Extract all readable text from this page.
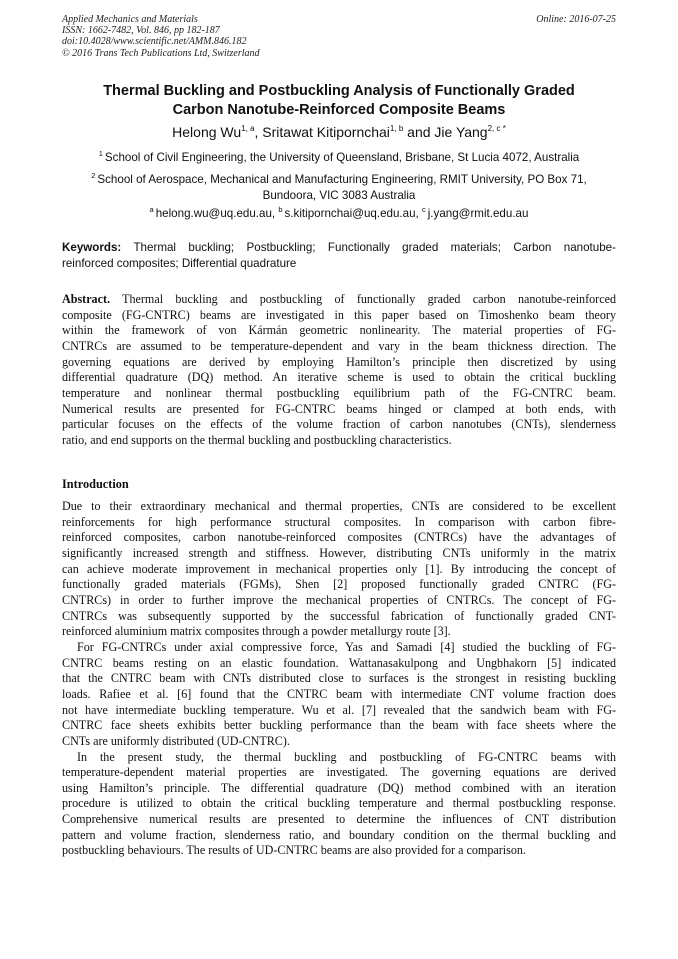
Applied Mechanics and Materials
ISSN: 1662-7482, Vol. 846, pp 182-187
doi:10.4028/www.scientific.net/AMM.846.182
© 2016 Trans Tech Publications Ltd, Switzerland
Online: 2016-07-25
Thermal Buckling and Postbuckling Analysis of Functionally Graded
Carbon Nanotube-Reinforced Composite Beams
Helong Wu$^{1, a}$, Sritawat Kitipornchai$^{1, b}$ and Jie Yang$^{2, c *}$
$^1$ School of Civil Engineering, the University of Queensland, Brisbane, St Lucia 4072, Australia
$^2$ School of Aerospace, Mechanical and Manufacturing Engineering, RMIT University, PO Box 71,
Bundoora, VIC 3083 Australia
$^a$ helong.wu@uq.edu.au, $^b$ s.kitipornchai@uq.edu.au, $^c$ j.yang@rmit.edu.au
Keywords: Thermal buckling; Postbuckling; Functionally graded materials; Carbon nanotube-
reinforced composites; Differential quadrature
Abstract. Thermal buckling and postbuckling of functionally graded carbon nanotube-reinforced
composite (FG-CNTRC) beams are investigated in this paper based on Timoshenko beam theory
within the framework of von Kármán geometric nonlinearity. The material properties of FG-
CNTRCs are assumed to be temperature-dependent and vary in the beam thickness direction. The
governing equations are derived by employing Hamilton’s principle then discretized by using
differential quadrature (DQ) method. An iterative scheme is used to obtain the critical buckling
temperature and nonlinear thermal postbuckling equilibrium path of the FG-CNTRC beam.
Numerical results are presented for FG-CNTRC beams hinged or clamped at both ends, with
particular focuses on the effects of the volume fraction of carbon nanotubes (CNTs), slenderness
ratio, and end supports on the thermal buckling and postbuckling characteristics.
Introduction
Due to their extraordinary mechanical and thermal properties, CNTs are considered to be excellent
reinforcements for high performance structural composites. In comparison with carbon fibre-
reinforced composites, carbon nanotube-reinforced composites (CNTRCs) have the advantages of
significantly increased strength and stiffness. However, distributing CNTs uniformly in the matrix
can achieve moderate improvement in mechanical properties only [1]. By introducing the concept of
functionally graded materials (FGMs), Shen [2] proposed functionally graded CNTRC (FG-
CNTRCs) in order to further improve the mechanical properties of CNTRCs. The concept of FG-
CNTRCs was subsequently supported by the successful fabrication of functionally graded CNT-
reinforced aluminium matrix composites through a powder metallurgy route [3].
For FG-CNTRCs under axial compressive force, Yas and Samadi [4] studied the buckling of FG-
CNTRC beams resting on an elastic foundation. Wattanasakulpong and Ungbhakorn [5] indicated
that the CNTRC beam with CNTs distributed close to surfaces is the strongest in resisting buckling
loads. Rafiee et al. [6] found that the CNTRC beam with intermediate CNT volume fraction does
not have intermediate buckling temperature. Wu et al. [7] revealed that the sandwich beam with FG-
CNTRC face sheets exhibits better buckling performance than the beam with face sheets where the
CNTs are uniformly distributed (UD-CNTRC).
In the present study, the thermal buckling and postbuckling of FG-CNTRC beams with
temperature-dependent material properties are investigated. The governing equations are derived
using Hamilton’s principle. The differential quadrature (DQ) method combined with an iteration
procedure is utilized to obtain the critical buckling temperature and thermal postbuckling response.
Comprehensive numerical results are presented to determine the influences of CNT distribution
pattern and volume fraction, slenderness ratio, and boundary condition on the thermal buckling and
postbuckling behaviours. The results of UD-CNTRC beams are also provided for a comparison.
